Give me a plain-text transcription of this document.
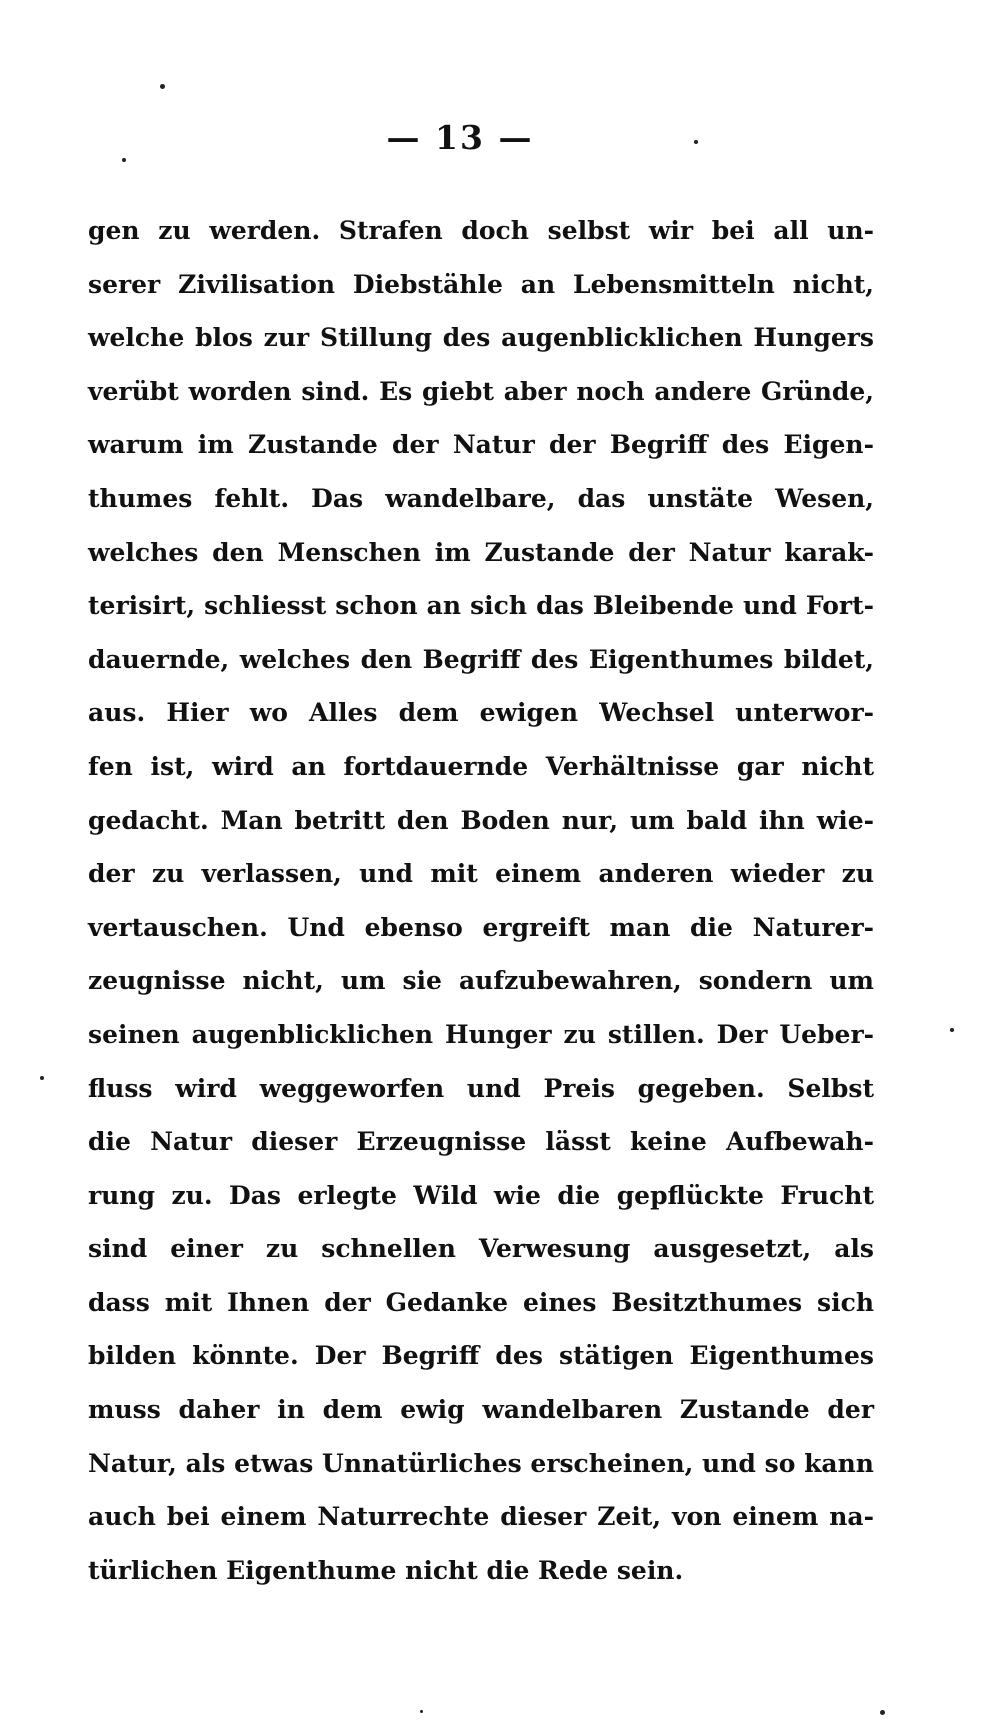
— 13 —
gen zu werden. Strafen doch selbst wir bei all un-
serer Zivilisation Diebstähle an Lebensmitteln nicht,
welche blos zur Stillung des augenblicklichen Hungers
verübt worden sind. Es giebt aber noch andere Gründe,
warum im Zustande der Natur der Begriff des Eigen-
thumes fehlt. Das wandelbare, das unstäte Wesen,
welches den Menschen im Zustande der Natur karak-
terisirt, schliesst schon an sich das Bleibende und Fort-
dauernde, welches den Begriff des Eigenthumes bildet,
aus. Hier wo Alles dem ewigen Wechsel unterwor-
fen ist, wird an fortdauernde Verhältnisse gar nicht
gedacht. Man betritt den Boden nur, um bald ihn wie-
der zu verlassen, und mit einem anderen wieder zu
vertauschen. Und ebenso ergreift man die Naturer-
zeugnisse nicht, um sie aufzubewahren, sondern um
seinen augenblicklichen Hunger zu stillen. Der Ueber-
fluss wird weggeworfen und Preis gegeben. Selbst
die Natur dieser Erzeugnisse lässt keine Aufbewah-
rung zu. Das erlegte Wild wie die gepflückte Frucht
sind einer zu schnellen Verwesung ausgesetzt, als
dass mit Ihnen der Gedanke eines Besitzthumes sich
bilden könnte. Der Begriff des stätigen Eigenthumes
muss daher in dem ewig wandelbaren Zustande der
Natur, als etwas Unnatürliches erscheinen, und so kann
auch bei einem Naturrechte dieser Zeit, von einem na-
türlichen Eigenthume nicht die Rede sein.
